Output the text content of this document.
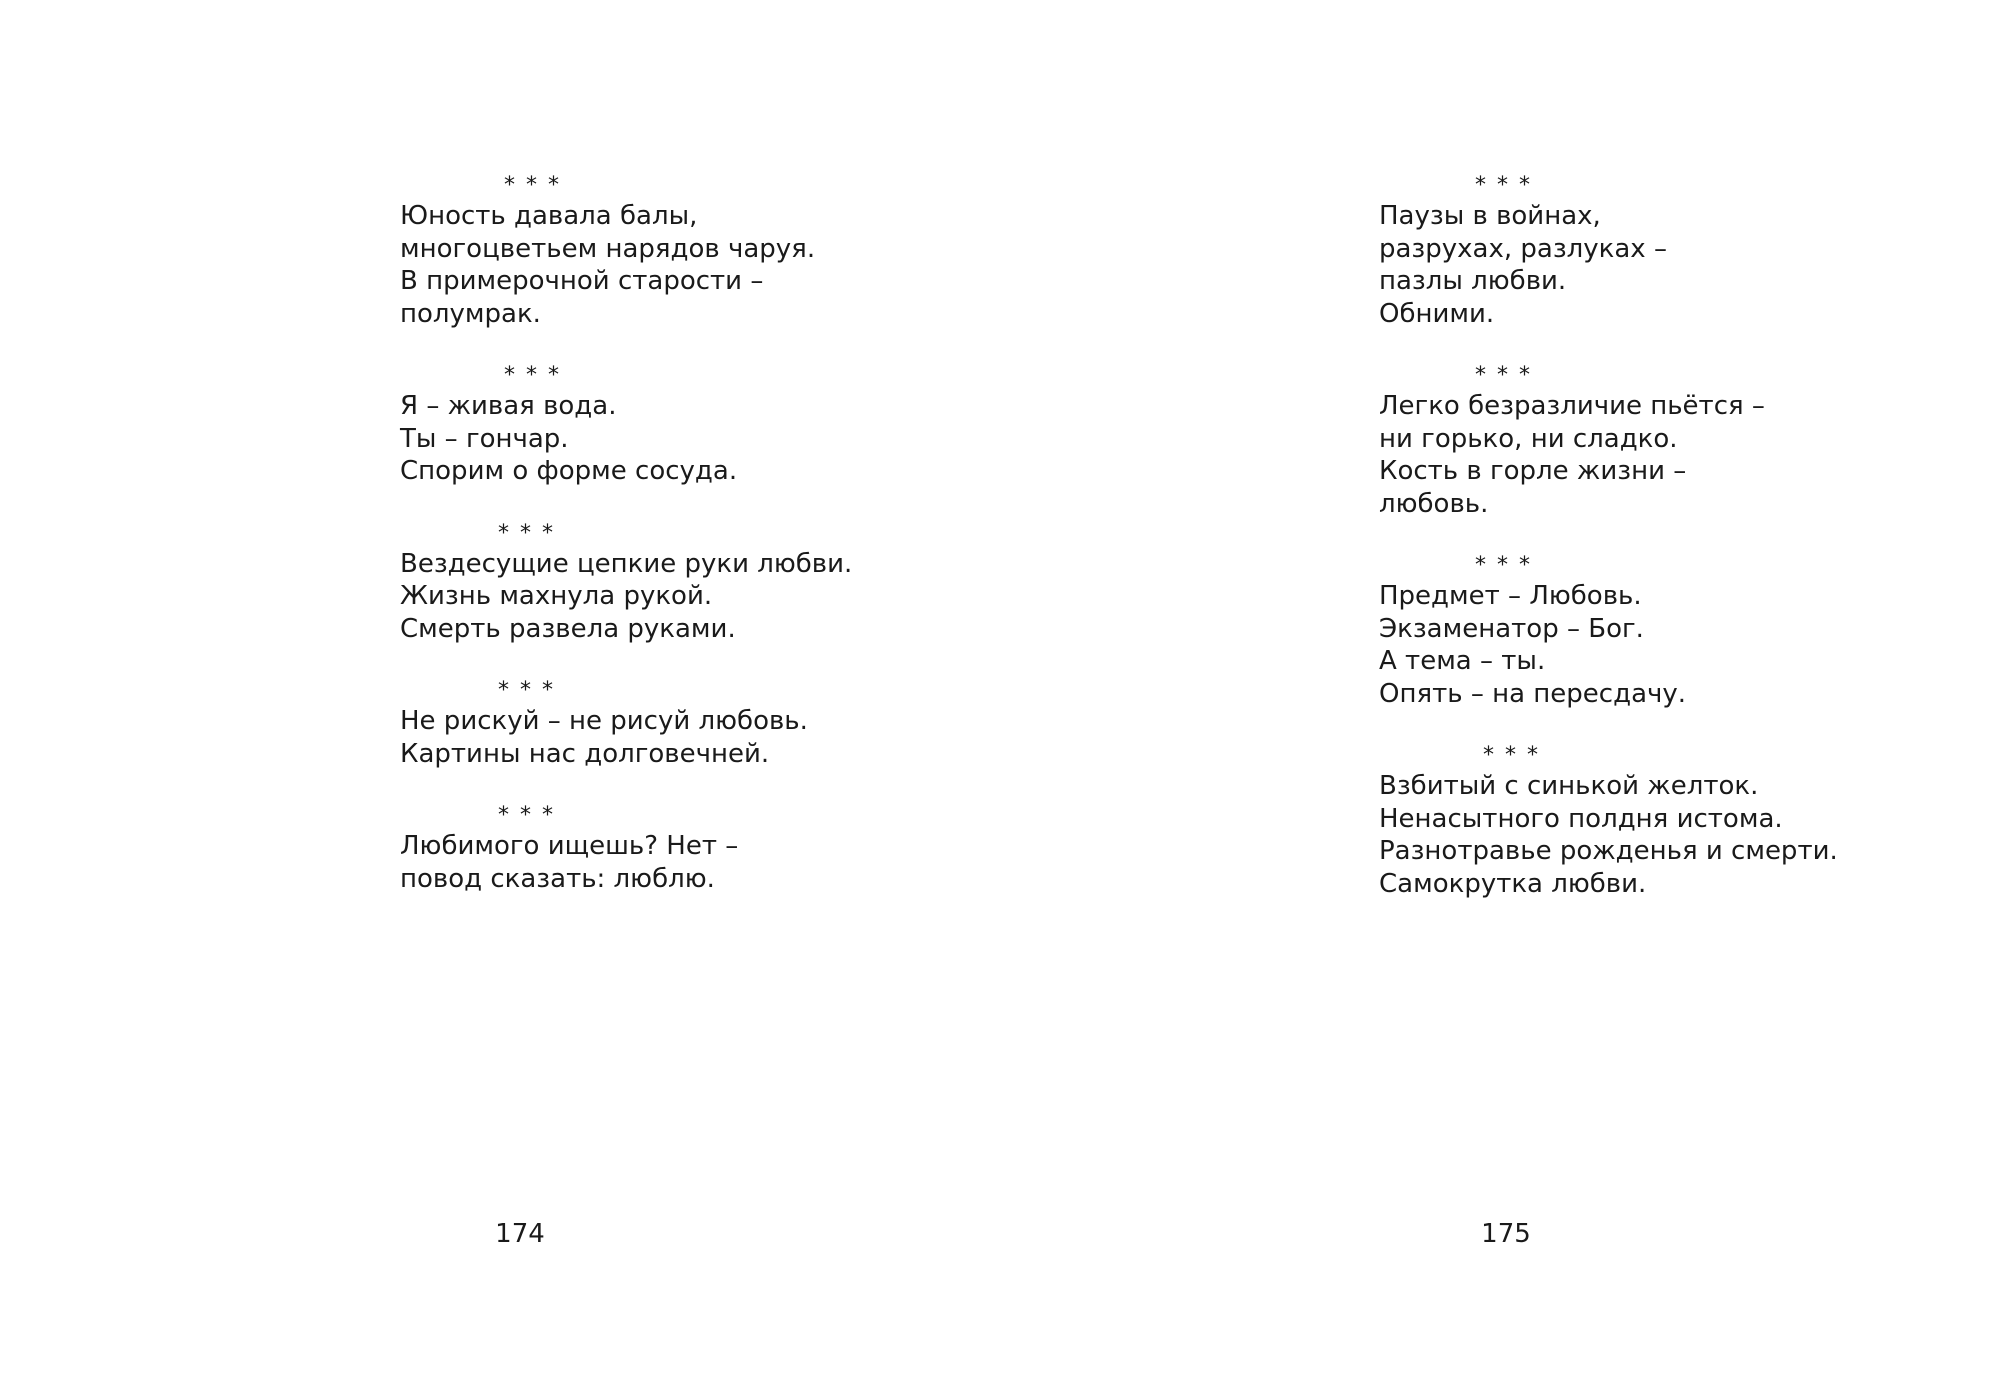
* * *
Юность давала балы,
многоцветьем нарядов чаруя.
В примерочной старости –
полумрак.
* * *
Я – живая вода.
Ты – гончар.
Спорим о форме сосуда.
* * *
Вездесущие цепкие руки любви.
Жизнь махнула рукой.
Смерть развела руками.
* * *
Не рискуй – не рисуй любовь.
Картины нас долговечней.
* * *
Любимого ищешь? Нет –
повод сказать: люблю.
174
* * *
Паузы в войнах,
разрухах, разлуках –
пазлы любви.
Обними.
* * *
Легко безразличие пьётся –
ни горько, ни сладко.
Кость в горле жизни –
любовь.
* * *
Предмет – Любовь.
Экзаменатор – Бог.
А тема – ты.
Опять – на пересдачу.
* * *
Взбитый с синькой желток.
Ненасытного полдня истома.
Разнотравье рожденья и смерти.
Самокрутка любви.
175
